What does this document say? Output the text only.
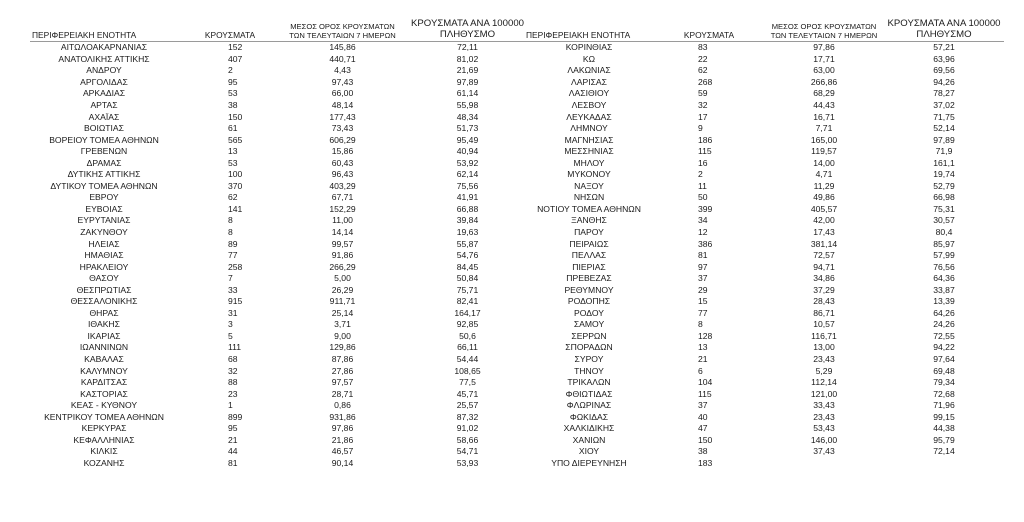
ΠΕΡΙΦΕΡΕΙΑΚΗ ΕΝΟΤΗΤΑ	ΚΡΟΥΣΜΑΤΑ	ΜΕΣΟΣ ΟΡΟΣ ΚΡΟΥΣΜΑΤΩΝ ΤΩΝ ΤΕΛΕΥΤΑΙΩΝ 7 ΗΜΕΡΩΝ	ΚΡΟΥΣΜΑΤΑ ΑΝΑ 100000 ΠΛΗΘΥΣΜΟ
ΑΙΤΩΛΟΑΚΑΡΝΑΝΙΑΣ	152	145,86	72,11
ΑΝΑΤΟΛΙΚΗΣ ΑΤΤΙΚΗΣ	407	440,71	81,02
ΑΝΔΡΟΥ	2	4,43	21,69
ΑΡΓΟΛΙΔΑΣ	95	97,43	97,89
ΑΡΚΑΔΙΑΣ	53	66,00	61,14
ΑΡΤΑΣ	38	48,14	55,98
ΑΧΑΪΑΣ	150	177,43	48,34
ΒΟΙΩΤΙΑΣ	61	73,43	51,73
ΒΟΡΕΙΟΥ ΤΟΜΕΑ ΑΘΗΝΩΝ	565	606,29	95,49
ΓΡΕΒΕΝΩΝ	13	15,86	40,94
ΔΡΑΜΑΣ	53	60,43	53,92
ΔΥΤΙΚΗΣ ΑΤΤΙΚΗΣ	100	96,43	62,14
ΔΥΤΙΚΟΥ ΤΟΜΕΑ ΑΘΗΝΩΝ	370	403,29	75,56
ΕΒΡΟΥ	62	67,71	41,91
ΕΥΒΟΙΑΣ	141	152,29	66,88
ΕΥΡΥΤΑΝΙΑΣ	8	11,00	39,84
ΖΑΚΥΝΘΟΥ	8	14,14	19,63
ΗΛΕΙΑΣ	89	99,57	55,87
ΗΜΑΘΙΑΣ	77	91,86	54,76
ΗΡΑΚΛΕΙΟΥ	258	266,29	84,45
ΘΑΣΟΥ	7	5,00	50,84
ΘΕΣΠΡΩΤΙΑΣ	33	26,29	75,71
ΘΕΣΣΑΛΟΝΙΚΗΣ	915	911,71	82,41
ΘΗΡΑΣ	31	25,14	164,17
ΙΘΑΚΗΣ	3	3,71	92,85
ΙΚΑΡΙΑΣ	5	9,00	50,6
ΙΩΑΝΝΙΝΩΝ	111	129,86	66,11
ΚΑΒΑΛΑΣ	68	87,86	54,44
ΚΑΛΥΜΝΟΥ	32	27,86	108,65
ΚΑΡΔΙΤΣΑΣ	88	97,57	77,5
ΚΑΣΤΟΡΙΑΣ	23	28,71	45,71
ΚΕΑΣ - ΚΥΘΝΟΥ	1	0,86	25,57
ΚΕΝΤΡΙΚΟΥ ΤΟΜΕΑ ΑΘΗΝΩΝ	899	931,86	87,32
ΚΕΡΚΥΡΑΣ	95	97,86	91,02
ΚΕΦΑΛΛΗΝΙΑΣ	21	21,86	58,66
ΚΙΛΚΙΣ	44	46,57	54,71
ΚΟΖΑΝΗΣ	81	90,14	53,93
ΠΕΡΙΦΕΡΕΙΑΚΗ ΕΝΟΤΗΤΑ	ΚΡΟΥΣΜΑΤΑ	ΜΕΣΟΣ ΟΡΟΣ ΚΡΟΥΣΜΑΤΩΝ ΤΩΝ ΤΕΛΕΥΤΑΙΩΝ 7 ΗΜΕΡΩΝ	ΚΡΟΥΣΜΑΤΑ ΑΝΑ 100000 ΠΛΗΘΥΣΜΟ
ΚΟΡΙΝΘΙΑΣ	83	97,86	57,21
ΚΩ	22	17,71	63,96
ΛΑΚΩΝΙΑΣ	62	63,00	69,56
ΛΑΡΙΣΑΣ	268	266,86	94,26
ΛΑΣΙΘΙΟΥ	59	68,29	78,27
ΛΕΣΒΟΥ	32	44,43	37,02
ΛΕΥΚΑΔΑΣ	17	16,71	71,75
ΛΗΜΝΟΥ	9	7,71	52,14
ΜΑΓΝΗΣΙΑΣ	186	165,00	97,89
ΜΕΣΣΗΝΙΑΣ	115	119,57	71,9
ΜΗΛΟΥ	16	14,00	161,1
ΜΥΚΟΝΟΥ	2	4,71	19,74
ΝΑΞΟΥ	11	11,29	52,79
ΝΗΣΩΝ	50	49,86	66,98
ΝΟΤΙΟΥ ΤΟΜΕΑ ΑΘΗΝΩΝ	399	405,57	75,31
ΞΑΝΘΗΣ	34	42,00	30,57
ΠΑΡΟΥ	12	17,43	80,4
ΠΕΙΡΑΙΩΣ	386	381,14	85,97
ΠΕΛΛΑΣ	81	72,57	57,99
ΠΙΕΡΙΑΣ	97	94,71	76,56
ΠΡΕΒΕΖΑΣ	37	34,86	64,36
ΡΕΘΥΜΝΟΥ	29	37,29	33,87
ΡΟΔΟΠΗΣ	15	28,43	13,39
ΡΟΔΟΥ	77	86,71	64,26
ΣΑΜΟΥ	8	10,57	24,26
ΣΕΡΡΩΝ	128	116,71	72,55
ΣΠΟΡΑΔΩΝ	13	13,00	94,22
ΣΥΡΟΥ	21	23,43	97,64
ΤΗΝΟΥ	6	5,29	69,48
ΤΡΙΚΑΛΩΝ	104	112,14	79,34
ΦΘΙΩΤΙΔΑΣ	115	121,00	72,68
ΦΛΩΡΙΝΑΣ	37	33,43	71,96
ΦΩΚΙΔΑΣ	40	23,43	99,15
ΧΑΛΚΙΔΙΚΗΣ	47	53,43	44,38
ΧΑΝΙΩΝ	150	146,00	95,79
ΧΙΟΥ	38	37,43	72,14
ΥΠΟ ΔΙΕΡΕΥΝΗΣΗ	183		
